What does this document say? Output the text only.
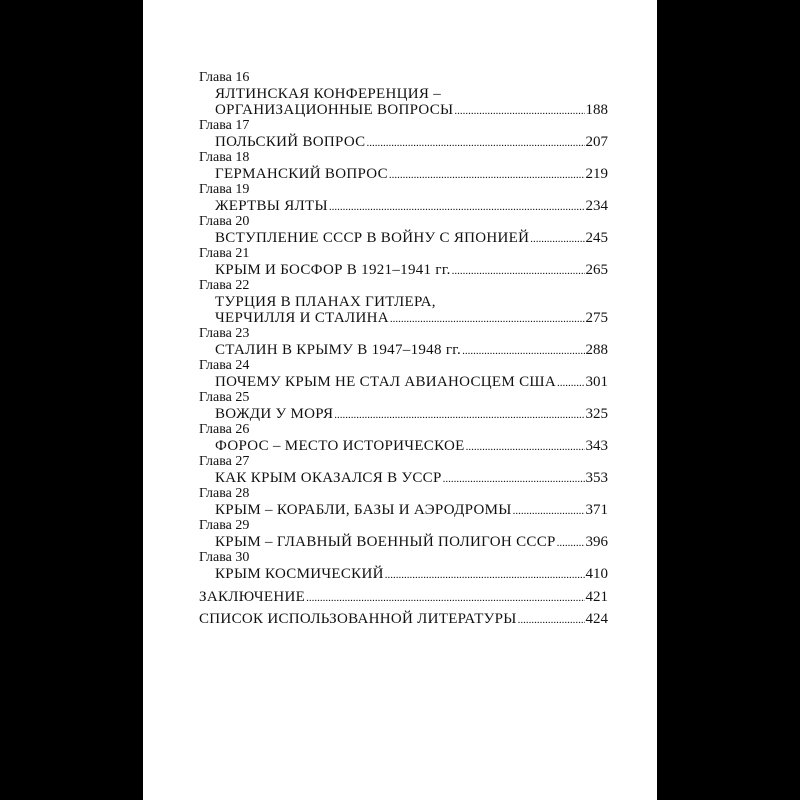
Глава 16
ЯЛТИНСКАЯ КОНФЕРЕНЦИЯ –
ОРГАНИЗАЦИОННЫЕ ВОПРОСЫ .....	188
Глава 17
ПОЛЬСКИЙ ВОПРОС .....	207
Глава 18
ГЕРМАНСКИЙ ВОПРОС .....	219
Глава 19
ЖЕРТВЫ ЯЛТЫ .....	234
Глава 20
ВСТУПЛЕНИЕ СССР В ВОЙНУ С ЯПОНИЕЙ .....	245
Глава 21
КРЫМ И БОСФОР В 1921–1941 гг. .....	265
Глава 22
ТУРЦИЯ В ПЛАНАХ ГИТЛЕРА,
ЧЕРЧИЛЛЯ И СТАЛИНА .....	275
Глава 23
СТАЛИН В КРЫМУ В 1947–1948 гг. .....	288
Глава 24
ПОЧЕМУ КРЫМ НЕ СТАЛ АВИАНОСЦЕМ США ..... 301
Глава 25
ВОЖДИ У МОРЯ .....	325
Глава 26
ФОРОС – МЕСТО ИСТОРИЧЕСКОЕ .....	343
Глава 27
КАК КРЫМ ОКАЗАЛСЯ В УССР .....	353
Глава 28
КРЫМ – КОРАБЛИ, БАЗЫ И АЭРОДРОМЫ .....	371
Глава 29
КРЫМ – ГЛАВНЫЙ ВОЕННЫЙ ПОЛИГОН СССР ..... 396
Глава 30
КРЫМ КОСМИЧЕСКИЙ .....	410
ЗАКЛЮЧЕНИЕ .....	421
СПИСОК ИСПОЛЬЗОВАННОЙ ЛИТЕРАТУРЫ .....	424
